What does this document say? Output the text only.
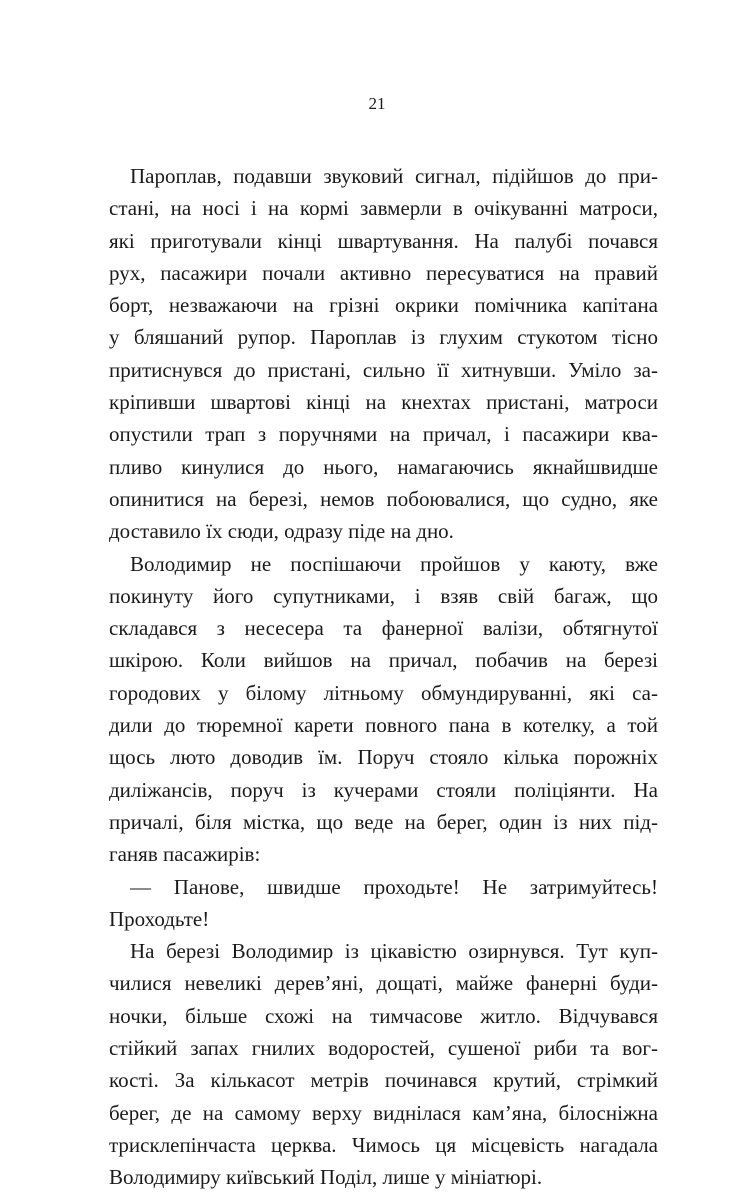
21
Пароплав, подавши звуковий сигнал, підійшов до при-
стані, на носі і на кормі завмерли в очікуванні матроси,
які приготували кінці швартування. На палубі почався
рух, пасажири почали активно пересуватися на правий
борт, незважаючи на грізні окрики помічника капітана
у бляшаний рупор. Пароплав із глухим стукотом тісно
притиснувся до пристані, сильно її хитнувши. Уміло за-
кріпивши швартові кінці на кнехтах пристані, матроси
опустили трап з поручнями на причал, і пасажири ква-
пливо кинулися до нього, намагаючись якнайшвидше
опинитися на березі, немов побоювалися, що судно, яке
доставило їх сюди, одразу піде на дно.
Володимир не поспішаючи пройшов у каюту, вже
покинуту його супутниками, і взяв свій багаж, що
складався з несесера та фанерної валізи, обтягнутої
шкірою. Коли вийшов на причал, побачив на березі
городових у білому літньому обмундируванні, які са-
дили до тюремної карети повного пана в котелку, а той
щось люто доводив їм. Поруч стояло кілька порожніх
диліжансів, поруч із кучерами стояли поліціянти. На
причалі, біля містка, що веде на берег, один із них під-
ганяв пасажирів:
— Панове, швидше проходьте! Не затримуйтесь!
Проходьте!
На березі Володимир із цікавістю озирнувся. Тут куп-
чилися невеликі дерев’яні, дощаті, майже фанерні буди-
ночки, більше схожі на тимчасове житло. Відчувався
стійкий запах гнилих водоростей, сушеної риби та вог-
кості. За кількасот метрів починався крутий, стрімкий
берег, де на самому верху виднілася кам’яна, білосніжна
трисклепінчаста церква. Чимось ця місцевість нагадала
Володимиру київський Поділ, лише у мініатюрі.
